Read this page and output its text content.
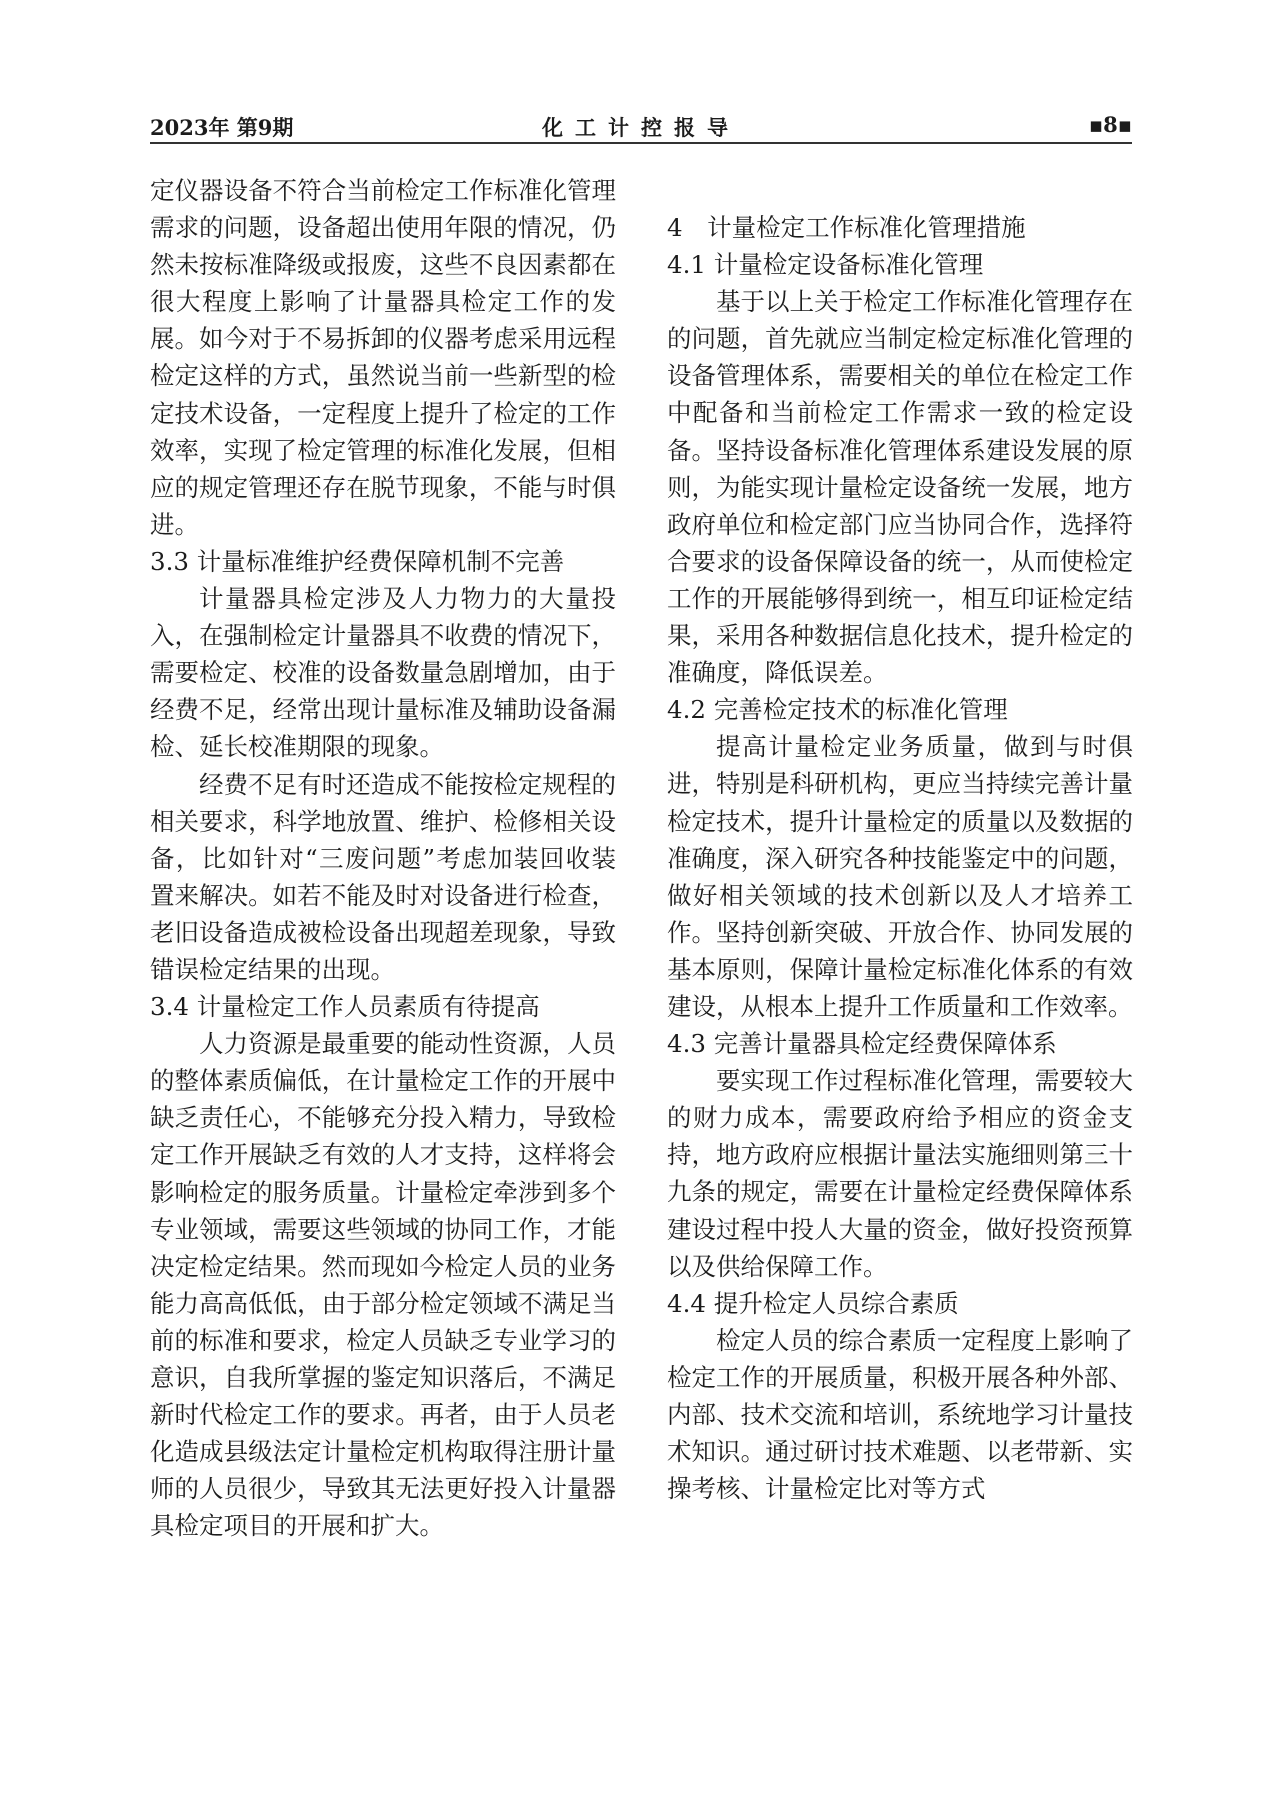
2023年 第9期	化工计控报导	▪8▪

定仪器设备不符合当前检定工作标准化管理需求的问题，设备超出使用年限的情况，仍然未按标准降级或报废，这些不良因素都在很大程度上影响了计量器具检定工作的发展。如今对于不易拆卸的仪器考虑采用远程检定这样的方式，虽然说当前一些新型的检定技术设备，一定程度上提升了检定的工作效率，实现了检定管理的标准化发展，但相应的规定管理还存在脱节现象，不能与时俱进。

3.3 计量标准维护经费保障机制不完善

计量器具检定涉及人力物力的大量投入，在强制检定计量器具不收费的情况下，需要检定、校准的设备数量急剧增加，由于经费不足，经常出现计量标准及辅助设备漏检、延长校准期限的现象。

经费不足有时还造成不能按检定规程的相关要求，科学地放置、维护、检修相关设备，比如针对“三废问题”考虑加装回收装置来解决。如若不能及时对设备进行检查，老旧设备造成被检设备出现超差现象，导致错误检定结果的出现。

3.4 计量检定工作人员素质有待提高

人力资源是最重要的能动性资源，人员的整体素质偏低，在计量检定工作的开展中缺乏责任心，不能够充分投入精力，导致检定工作开展缺乏有效的人才支持，这样将会影响检定的服务质量。计量检定牵涉到多个专业领域，需要这些领域的协同工作，才能决定检定结果。然而现如今检定人员的业务能力高高低低，由于部分检定领域不满足当前的标准和要求，检定人员缺乏专业学习的意识，自我所掌握的鉴定知识落后，不满足新时代检定工作的要求。再者，由于人员老化造成县级法定计量检定机构取得注册计量师的人员很少，导致其无法更好投入计量器具检定项目的开展和扩大。

4　计量检定工作标准化管理措施
4.1 计量检定设备标准化管理

基于以上关于检定工作标准化管理存在的问题，首先就应当制定检定标准化管理的设备管理体系，需要相关的单位在检定工作中配备和当前检定工作需求一致的检定设备。坚持设备标准化管理体系建设发展的原则，为能实现计量检定设备统一发展，地方政府单位和检定部门应当协同合作，选择符合要求的设备保障设备的统一，从而使检定工作的开展能够得到统一，相互印证检定结果，采用各种数据信息化技术，提升检定的准确度，降低误差。

4.2 完善检定技术的标准化管理

提高计量检定业务质量，做到与时俱进，特别是科研机构，更应当持续完善计量检定技术，提升计量检定的质量以及数据的准确度，深入研究各种技能鉴定中的问题，做好相关领域的技术创新以及人才培养工作。坚持创新突破、开放合作、协同发展的基本原则，保障计量检定标准化体系的有效建设，从根本上提升工作质量和工作效率。

4.3 完善计量器具检定经费保障体系

要实现工作过程标准化管理，需要较大的财力成本，需要政府给予相应的资金支持，地方政府应根据计量法实施细则第三十九条的规定，需要在计量检定经费保障体系建设过程中投人大量的资金，做好投资预算以及供给保障工作。

4.4 提升检定人员综合素质

检定人员的综合素质一定程度上影响了检定工作的开展质量，积极开展各种外部、内部、技术交流和培训，系统地学习计量技术知识。通过研讨技术难题、以老带新、实操考核、计量检定比对等方式
